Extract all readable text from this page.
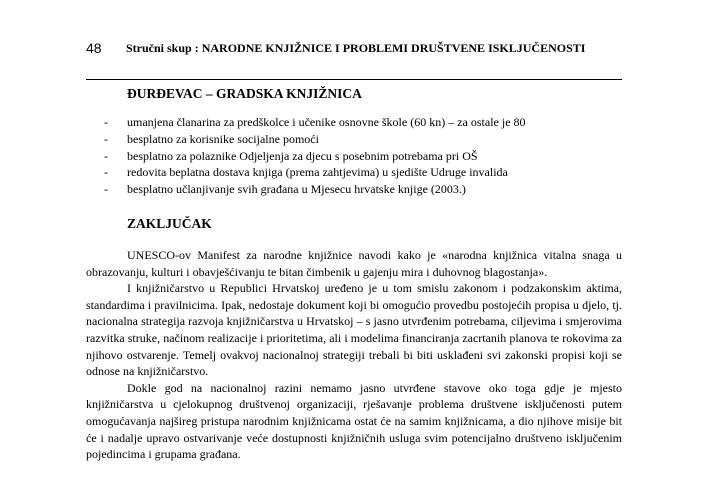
48 Stručni skup : NARODNE KNJIŽNICE I PROBLEMI DRUŠTVENE ISKLJUČENOSTI
ĐURĐEVAC – GRADSKA KNJIŽNICA
- umanjena članarina za predškolce i učenike osnovne škole (60 kn) – za ostale je 80
- besplatno za korisnike socijalne pomoći
- besplatno za polaznike Odjeljenja za djecu s posebnim potrebama pri OŠ
- redovita beplatna dostava knjiga (prema zahtjevima) u sjedište Udruge invalida
- besplatno učlanjivanje svih građana u Mjesecu hrvatske knjige (2003.)
ZAKLJUČAK

UNESCO-ov Manifest za narodne knjižnice navodi kako je «narodna knjižnica vitalna snaga u obrazovanju, kulturi i obavješćivanju te bitan čimbenik u gajenju mira i duhovnog blagostanja».

I knjižničarstvo u Republici Hrvatskoj uređeno je u tom smislu zakonom i podzakonskim aktima, standardima i pravilnicima. Ipak, nedostaje dokument koji bi omogućio provedbu postojećih propisa u djelo, tj. nacionalna strategija razvoja knjižničarstva u Hrvatskoj – s jasno utvrđenim potrebama, ciljevima i smjerovima razvitka struke, načinom realizacije i prioritetima, ali i modelima financiranja zacrtanih planova te rokovima za njihovo ostvarenje. Temelj ovakvoj nacionalnoj strategiji trebali bi biti usklađeni svi zakonski propisi koji se odnose na knjižničarstvo.

Dokle god na nacionalnoj razini nemamo jasno utvrđene stavove oko toga gdje je mjesto knjižničarstva u cjelokupnog društvenoj organizaciji, rješavanje problema društvene isključenosti putem omogućavanja najšireg pristupa narodnim knjižnicama ostat će na samim knjižnicama, a dio njihove misije bit će i nadalje upravo ostvarivanje veće dostupnosti knjižničnih usluga svim potencijalno društveno isključenim pojedincima i grupama građana.
